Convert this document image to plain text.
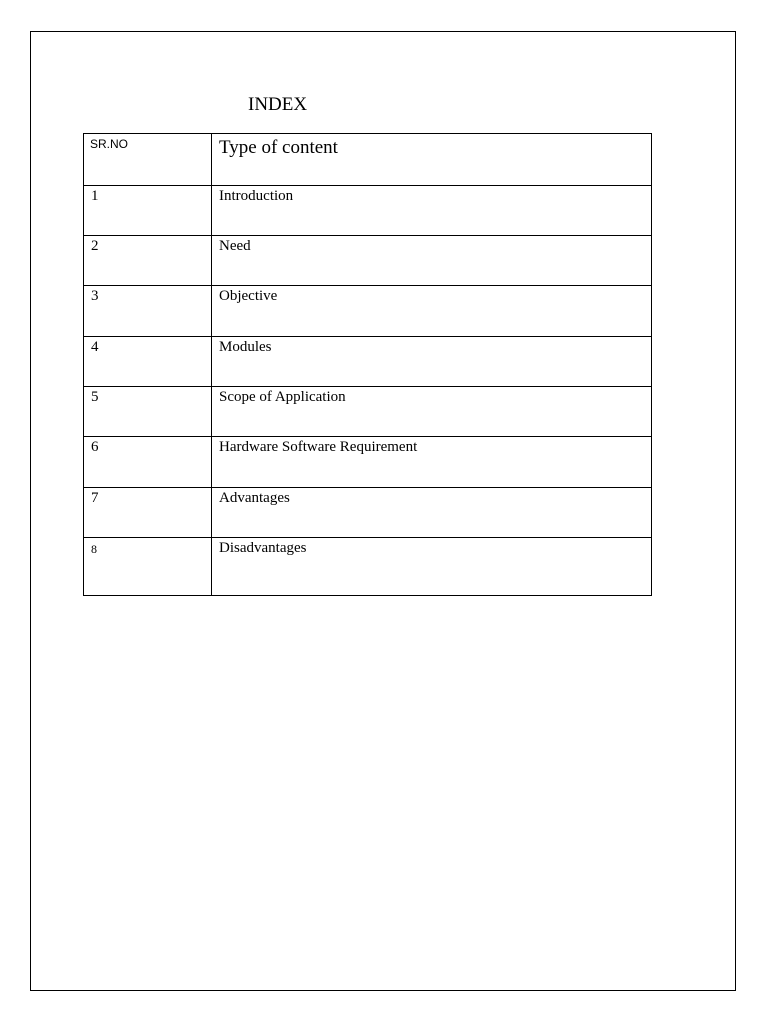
INDEX
SR.NO	Type of content

1	Introduction

2	Need

3	Objective

4	Modules

5	Scope of Application

6	Hardware Software Requirement

7	Advantages

8	Disadvantages
